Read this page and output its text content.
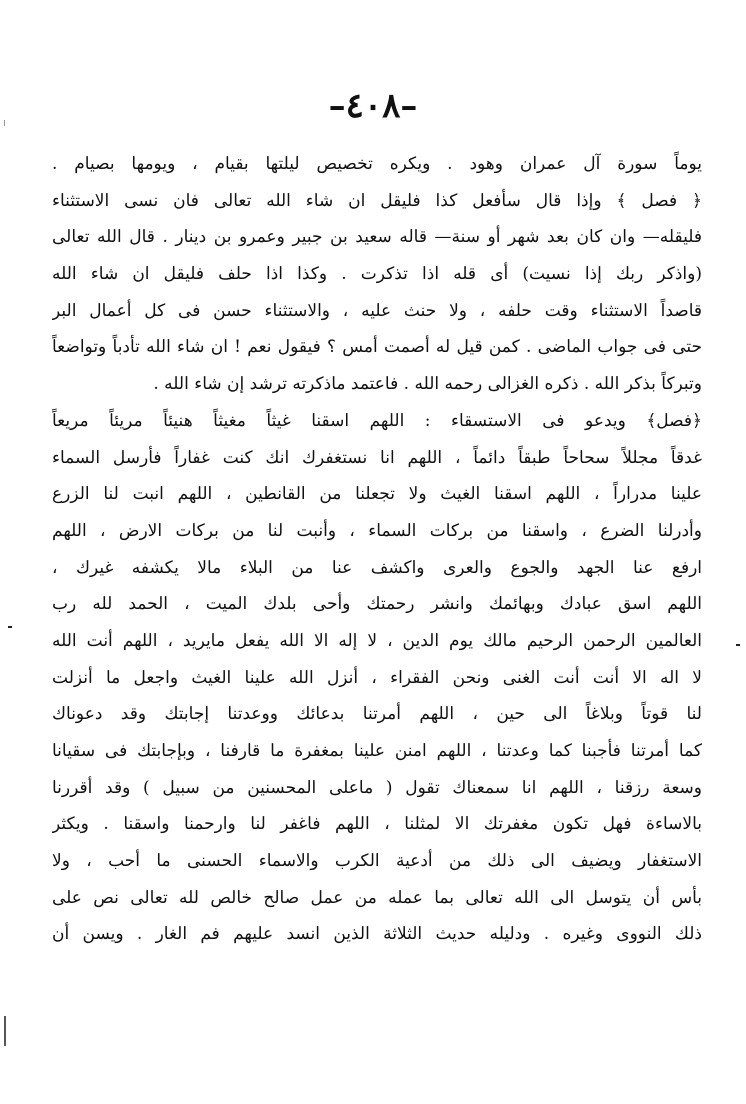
–٤٠٨–
يوماً سورة آل عمران وهود . ويكره تخصيص ليلتها بقيام ، ويومها بصيام .
﴿ فصل ﴾ وإذا قال سأفعل كذا فليقل ان شاء الله تعالى فان نسى الاستثناء
فليقله— وان كان بعد شهر أو سنة— قاله سعيد بن جبير وعمرو بن دينار . قال الله تعالى
(واذكر ربك إذا نسيت) أى قله اذا تذكرت . وكذا اذا حلف فليقل ان شاء الله
قاصداً الاستثناء وقت حلفه ، ولا حنث عليه ، والاستثناء حسن فى كل أعمال البر
حتى فى جواب الماضى . كمن قيل له أصمت أمس ؟ فيقول نعم ! ان شاء الله تأدباً وتواضعاً
وتبركاً بذكر الله . ذكره الغزالى رحمه الله . فاعتمد ماذكرته ترشد إن شاء الله .
﴿فصل﴾ ويدعو فى الاستسقاء : اللهم اسقنا غيثاً مغيثاً هنيئاً مريئاً مريعاً
غدقاً مجللاً سحاحاً طبقاً دائماً ، اللهم انا نستغفرك انك كنت غفاراً فأرسل السماء
علينا مدراراً ، اللهم اسقنا الغيث ولا تجعلنا من القانطين ، اللهم انبت لنا الزرع
وأدرلنا الضرع ، واسقنا من بركات السماء ، وأنبت لنا من بركات الارض ، اللهم
ارفع عنا الجهد والجوع والعرى واكشف عنا من البلاء مالا يكشفه غيرك ،
اللهم اسق عبادك وبهائمك وانشر رحمتك وأحى بلدك الميت ، الحمد لله رب
العالمين الرحمن الرحيم مالك يوم الدين ، لا إله الا الله يفعل مايريد ، اللهم أنت الله
لا اله الا أنت أنت الغنى ونحن الفقراء ، أنزل الله علينا الغيث واجعل ما أنزلت
لنا قوتاً وبلاغاً الى حين ، اللهم أمرتنا بدعائك ووعدتنا إجابتك وقد دعوناك
كما أمرتنا فأجبنا كما وعدتنا ، اللهم امنن علينا بمغفرة ما قارفنا ، وبإجابتك فى سقيانا
وسعة رزقنا ، اللهم انا سمعناك تقول ( ماعلى المحسنين من سبيل ) وقد أقررنا
بالاساءة فهل تكون مغفرتك الا لمثلنا ، اللهم فاغفر لنا وارحمنا واسقنا . ويكثر
الاستغفار ويضيف الى ذلك من أدعية الكرب والاسماء الحسنى ما أحب ، ولا
بأس أن يتوسل الى الله تعالى بما عمله من عمل صالح خالص لله تعالى نص على
ذلك النووى وغيره . ودليله حديث الثلاثة الذين انسد عليهم فم الغار . ويسن أن
